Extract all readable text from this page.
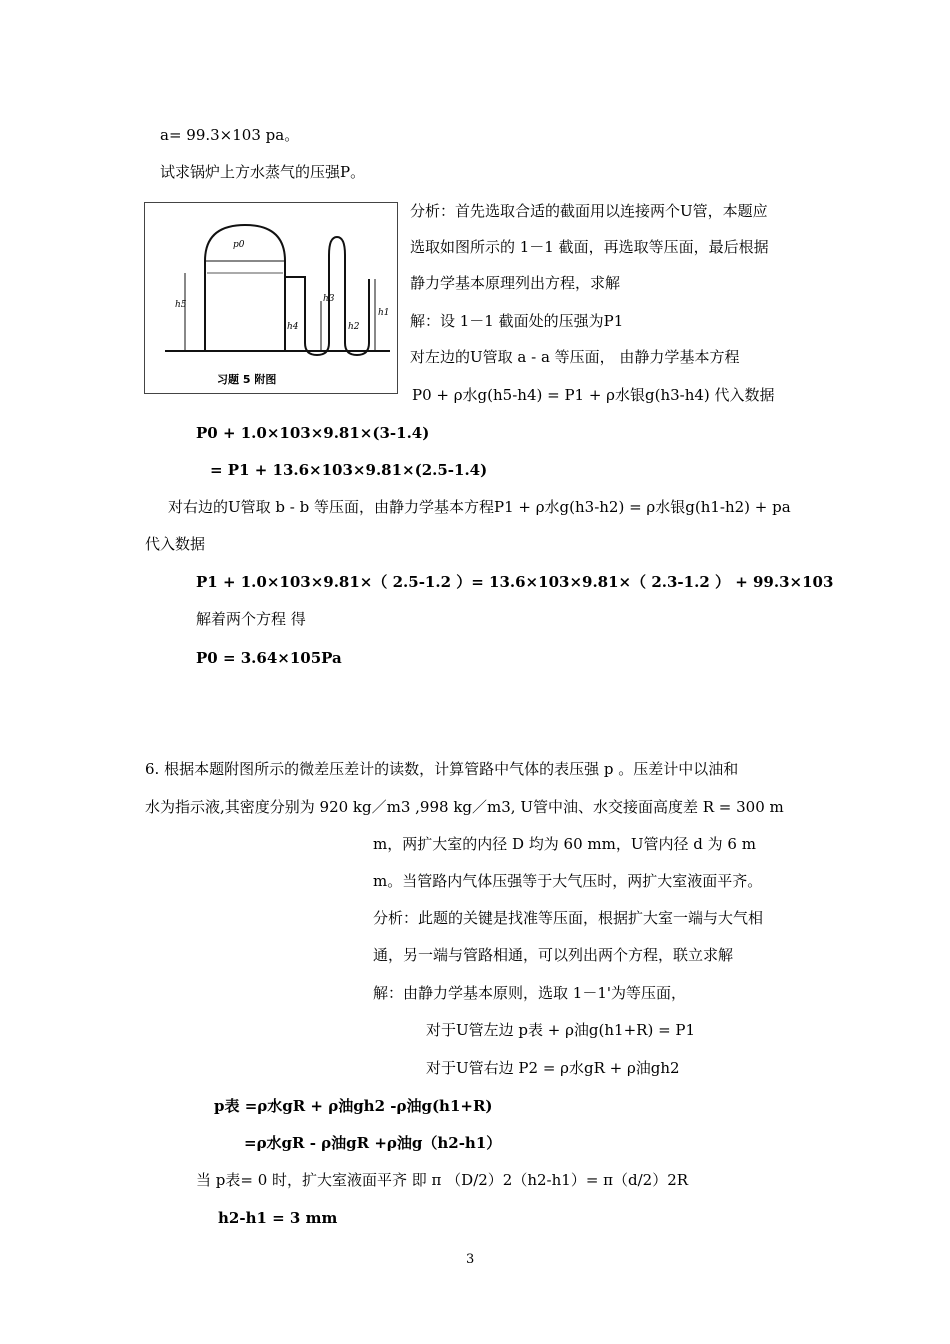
a= 99.3×103 pa。
试求锅炉上方水蒸气的压强P。
p0
h5
h4
h3
h2
h1
习题 5 附图
分析：首先选取合适的截面用以连接两个U管，本题应
选取如图所示的 1－1 截面，再选取等压面，最后根据
静力学基本原理列出方程，求解
解：设 1－1 截面处的压强为P1
对左边的U管取 a - a 等压面， 由静力学基本方程
P0 + ρ水g(h5-h4) = P1 + ρ水银g(h3-h4) 代入数据
P0 + 1.0×103×9.81×(3-1.4)
= P1 + 13.6×103×9.81×(2.5-1.4)
对右边的U管取 b - b 等压面，由静力学基本方程P1 + ρ水g(h3-h2) = ρ水银g(h1-h2) + pa
代入数据
P1 + 1.0×103×9.81×（ 2.5-1.2 ）= 13.6×103×9.81×（ 2.3-1.2 ） + 99.3×103
解着两个方程 得
P0 = 3.64×105Pa
6. 根据本题附图所示的微差压差计的读数，计算管路中气体的表压强 p 。压差计中以油和
水为指示液,其密度分别为 920 kg／m3 ,998 kg／m3, U管中油、水交接面高度差 R = 300 m
m，两扩大室的内径 D 均为 60 mm，U管内径 d 为 6 m
m。当管路内气体压强等于大气压时，两扩大室液面平齐。
分析：此题的关键是找准等压面，根据扩大室一端与大气相
通，另一端与管路相通，可以列出两个方程，联立求解
解：由静力学基本原则，选取 1－1'为等压面，
对于U管左边 p表 + ρ油g(h1+R) = P1
对于U管右边 P2 = ρ水gR + ρ油gh2
p表 =ρ水gR + ρ油gh2 -ρ油g(h1+R)
=ρ水gR - ρ油gR +ρ油g（h2-h1）
当 p表= 0 时，扩大室液面平齐 即 π （D/2）2（h2-h1）= π（d/2）2R
h2-h1 = 3 mm
3
